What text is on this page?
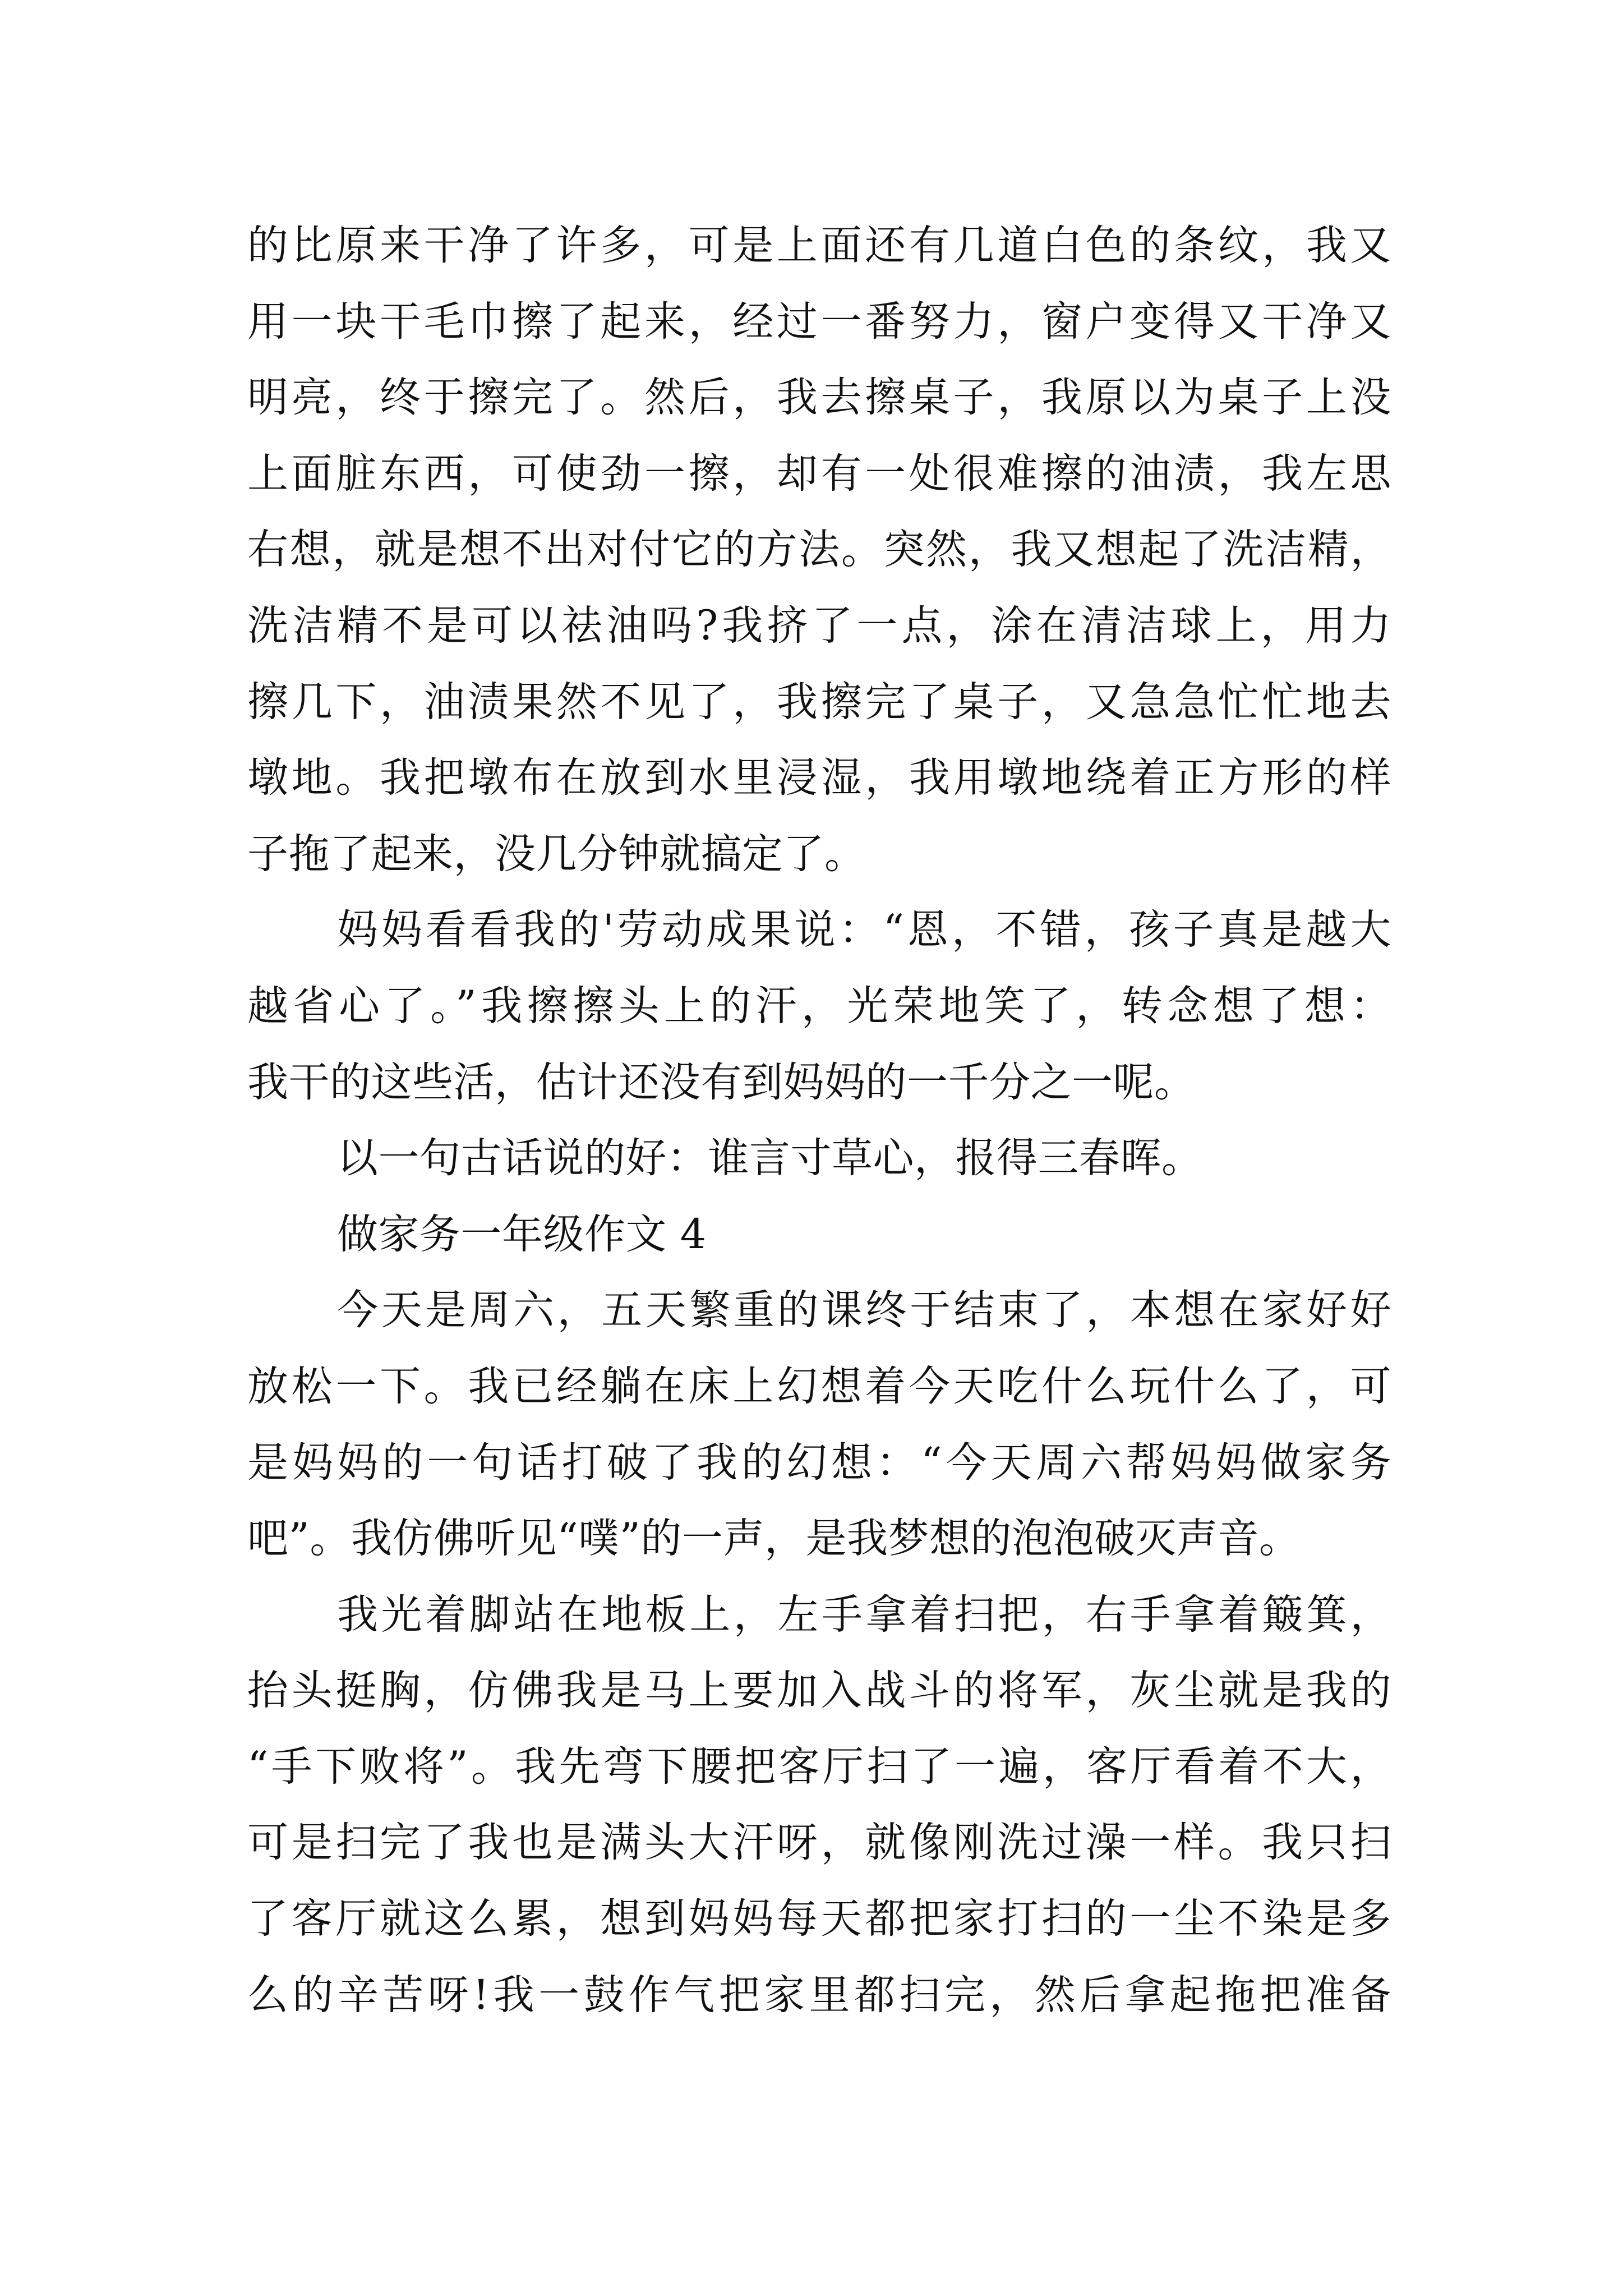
的比原来干净了许多，可是上面还有几道白色的条纹，我又
用一块干毛巾擦了起来，经过一番努力，窗户变得又干净又
明亮，终于擦完了。然后，我去擦桌子，我原以为桌子上没
上面脏东西，可使劲一擦，却有一处很难擦的油渍，我左思
右想，就是想不出对付它的方法。突然，我又想起了洗洁精，
洗洁精不是可以祛油吗?我挤了一点，涂在清洁球上，用力
擦几下，油渍果然不见了，我擦完了桌子，又急急忙忙地去
墩地。我把墩布在放到水里浸湿，我用墩地绕着正方形的样
子拖了起来，没几分钟就搞定了。
妈妈看看我的'劳动成果说：“恩，不错，孩子真是越大
越省心了。”我擦擦头上的汗，光荣地笑了，转念想了想：
我干的这些活，估计还没有到妈妈的一千分之一呢。
以一句古话说的好：谁言寸草心，报得三春晖。
做家务一年级作文 4
今天是周六，五天繁重的课终于结束了，本想在家好好
放松一下。我已经躺在床上幻想着今天吃什么玩什么了，可
是妈妈的一句话打破了我的幻想：“今天周六帮妈妈做家务
吧”。我仿佛听见“噗”的一声，是我梦想的泡泡破灭声音。
我光着脚站在地板上，左手拿着扫把，右手拿着簸箕，
抬头挺胸，仿佛我是马上要加入战斗的将军，灰尘就是我的
“手下败将”。我先弯下腰把客厅扫了一遍，客厅看着不大，
可是扫完了我也是满头大汗呀，就像刚洗过澡一样。我只扫
了客厅就这么累，想到妈妈每天都把家打扫的一尘不染是多
么的辛苦呀!我一鼓作气把家里都扫完，然后拿起拖把准备
